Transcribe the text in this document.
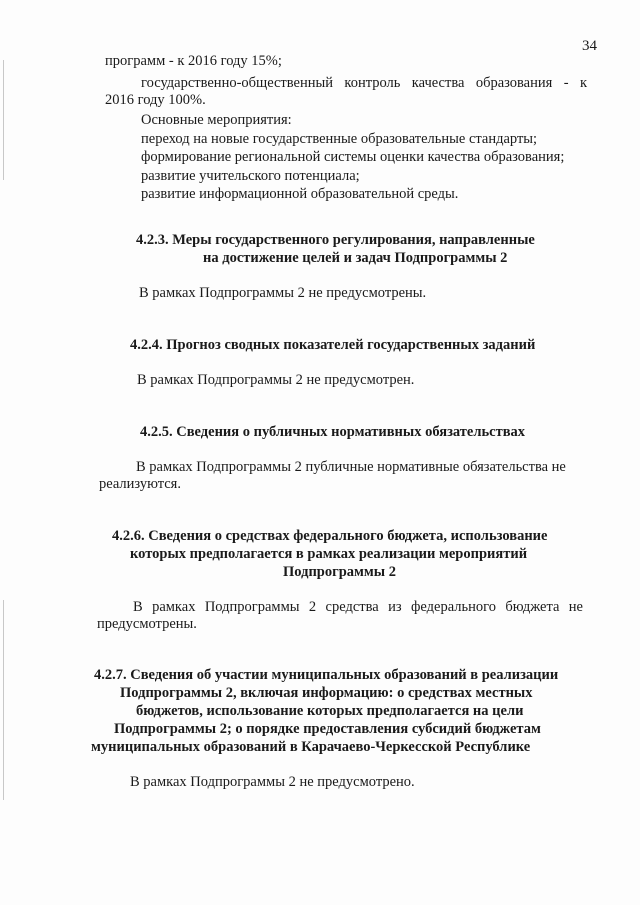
34
программ - к 2016 году 15%;
государственно-общественный контроль качества образования - к
2016 году 100%.
Основные мероприятия:
переход на новые государственные образовательные стандарты;
формирование региональной системы оценки качества образования;
развитие учительского потенциала;
развитие информационной образовательной среды.
4.2.3. Меры государственного регулирования, направленные
на достижение целей и задач Подпрограммы 2
В рамках Подпрограммы 2 не предусмотрены.
4.2.4. Прогноз сводных показателей государственных заданий
В рамках Подпрограммы 2 не предусмотрен.
4.2.5. Сведения о публичных нормативных обязательствах
В рамках Подпрограммы 2 публичные нормативные обязательства не
реализуются.
4.2.6. Сведения о средствах федерального бюджета, использование
которых предполагается в рамках реализации мероприятий
Подпрограммы 2
В рамках Подпрограммы 2 средства из федерального бюджета не
предусмотрены.
4.2.7. Сведения об участии муниципальных образований в реализации
Подпрограммы 2, включая информацию: о средствах местных
бюджетов, использование которых предполагается на цели
Подпрограммы 2; о порядке предоставления субсидий бюджетам
муниципальных образований в Карачаево-Черкесской Республике
В рамках Подпрограммы 2 не предусмотрено.
